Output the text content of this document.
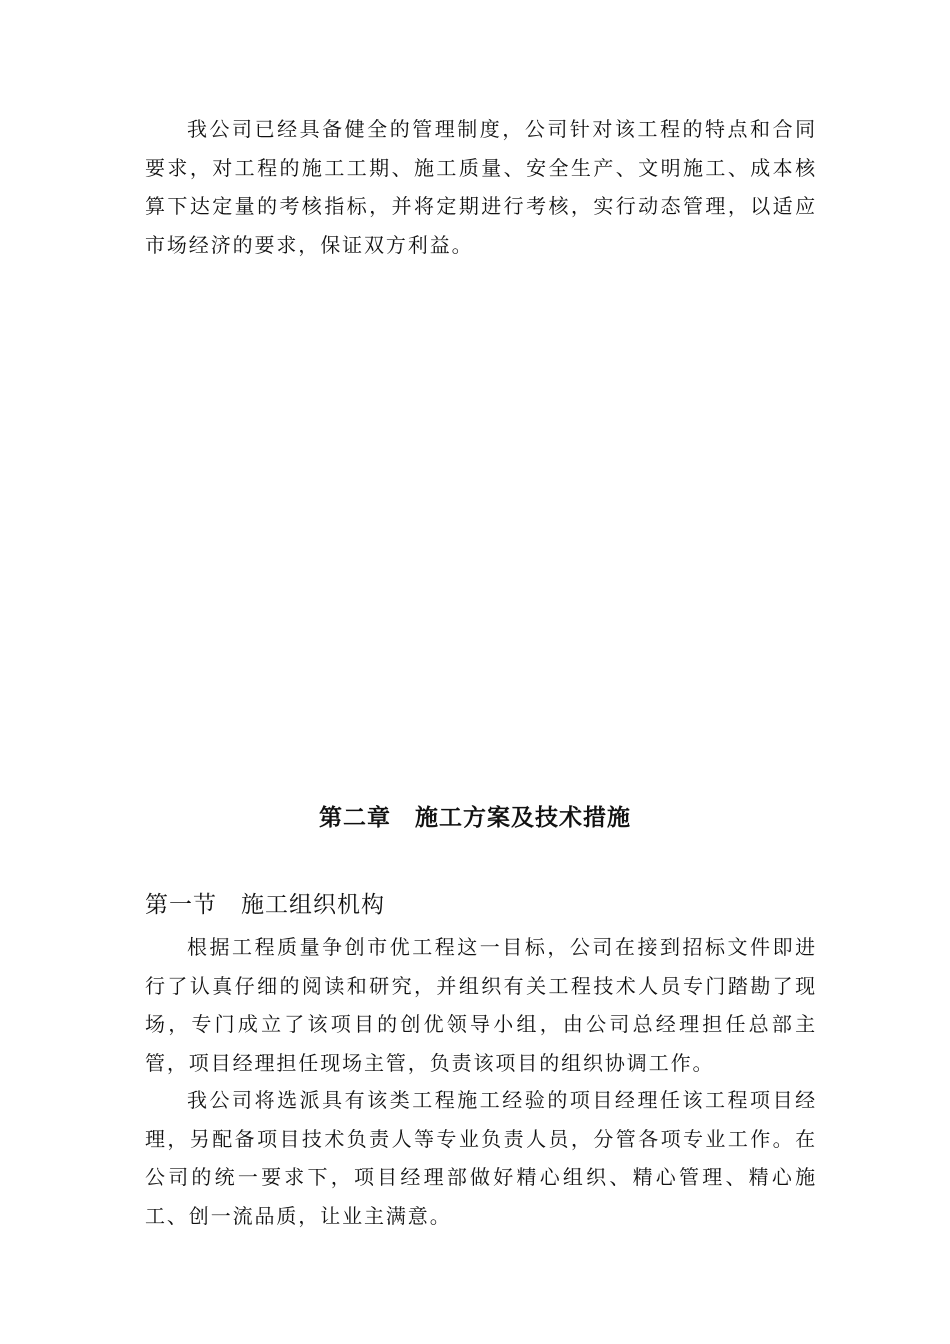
我公司已经具备健全的管理制度，公司针对该工程的特点和合同要求，对工程的施工工期、施工质量、安全生产、文明施工、成本核算下达定量的考核指标，并将定期进行考核，实行动态管理，以适应市场经济的要求，保证双方利益。

第二章　施工方案及技术措施
第一节　施工组织机构

根据工程质量争创市优工程这一目标，公司在接到招标文件即进行了认真仔细的阅读和研究，并组织有关工程技术人员专门踏勘了现场，专门成立了该项目的创优领导小组，由公司总经理担任总部主管，项目经理担任现场主管，负责该项目的组织协调工作。

我公司将选派具有该类工程施工经验的项目经理任该工程项目经理，另配备项目技术负责人等专业负责人员，分管各项专业工作。在公司的统一要求下，项目经理部做好精心组织、精心管理、精心施工、创一流品质，让业主满意。
